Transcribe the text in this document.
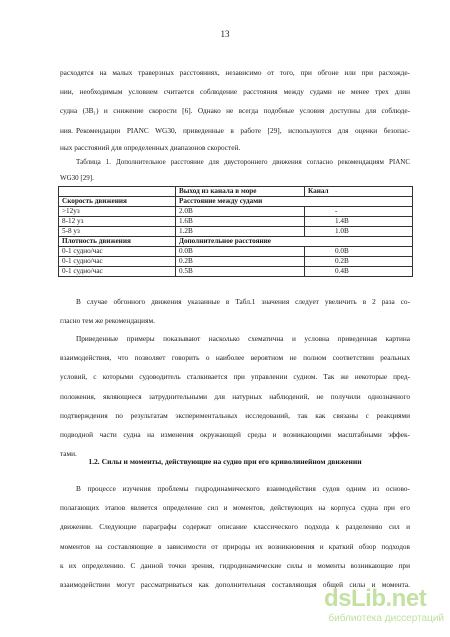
13
расходятся на малых траверзных расстояниях, независимо от того, при обгоне или при расхожде-
нии, необходимым условием считается соблюдение расстояния между судами не менее трех длин
судна (3B₁) и снижение скорости [6]. Однако не всегда подобные условия доступны для соблюде-
ния. Рекомендации PIANC WG30, приведенные в работе [29], используются для оценки безопас-
ных расстояний для определенных диапазонов скоростей.
Таблица 1. Дополнительное расстояние для двустороннего движения согласно рекомендациям PIANC
WG30 [29].
	Выход из канала в море	Канал
Скорость движения	Расстояние между судами	
>12уз	2.0B	-
8-12 уз	1.6B	1.4B
5-8 уз	1.2B	1.0B
Плотность движения	Дополнительное расстояние	
0-1 судно/час	0.0B	0.0B
0-1 судно/час	0.2B	0.2B
0-1 судно/час	0.5B	0.4B
В случае обгонного движения указанные в Табл.1 значения следует увеличить в 2 раза со-
гласно тем же рекомендациям.
Приведенные примеры показывают насколько схематична и условна приведенная картина
взаимодействия, что позволяет говорить о наиболее вероятном не полном соответствии реальных
условий, с которыми судоводитель сталкивается при управлении судном. Так же некоторые пред-
положения, являющиеся затруднительными для натурных наблюдений, не получили однозначного
подтверждения по результатам экспериментальных исследований, так как связаны с реакциями
подводной части судна на изменения окружающей среды и возникающими масштабными эффек-
тами.
1.2. Силы и моменты, действующие на судно при его криволинейном движении
В процессе изучения проблемы гидродинамического взаимодействия судов одним из осново-
полагающих этапов является определение сил и моментов, действующих на корпуса судна при его
движении. Следующие параграфы содержат описание классического подхода к разделению сил и
моментов на составляющие в зависимости от природы их возникновения и краткий обзор подходов
к их определению. С данной точки зрения, гидродинамические силы и моменты возникающие при
взаимодействии могут рассматриваться как дополнительная составляющая общей силы и момента.
dsLib.net
библиотека диссертаций
